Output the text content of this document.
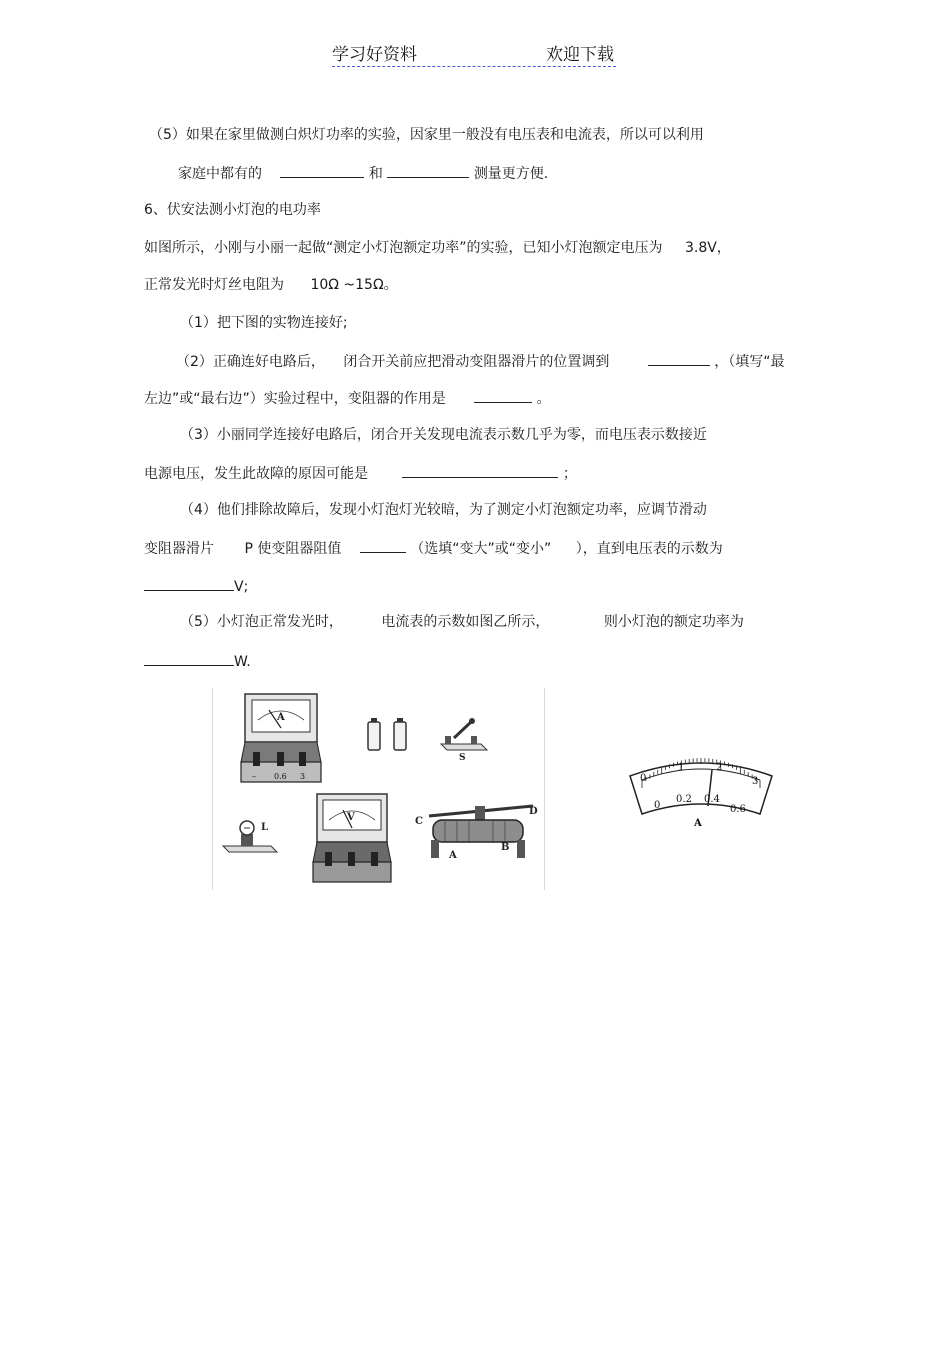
学习好资料	欢迎下载
（5）如果在家里做测白炽灯功率的实验，因家里一般没有电压表和电流表，所以可以利用
家庭中都有的	和	测量更方便.
6、伏安法测小灯泡的电功率
如图所示，小刚与小丽一起做“测定小灯泡额定功率”的实验，已知小灯泡额定电压为 3.8V，
正常发光时灯丝电阻为 10Ω ~15Ω。
（1）把下图的实物连接好;
（2）正确连好电路后， 闭合开关前应把滑动变阻器滑片的位置调到	，（填写“最
左边”或“最右边”）实验过程中，变阻器的作用是	。
（3）小丽同学连接好电路后，闭合开关发现电流表示数几乎为零，而电压表示数接近
电源电压，发生此故障的原因可能是	；
（4）他们排除故障后，发现小灯泡灯光较暗，为了测定小灯泡额定功率，应调节滑动
变阻器滑片 P 使变阻器阻值	（选填“变大”或“变小” ），直到电压表的示数为
V;
（5）小灯泡正常发光时，	电流表的示数如图乙所示，	则小灯泡的额定功率为
W.
A
– 0.6 3
S
L
V	C
D
A
B
0
1	2
3
0
0.2 0.4
0.6
A
